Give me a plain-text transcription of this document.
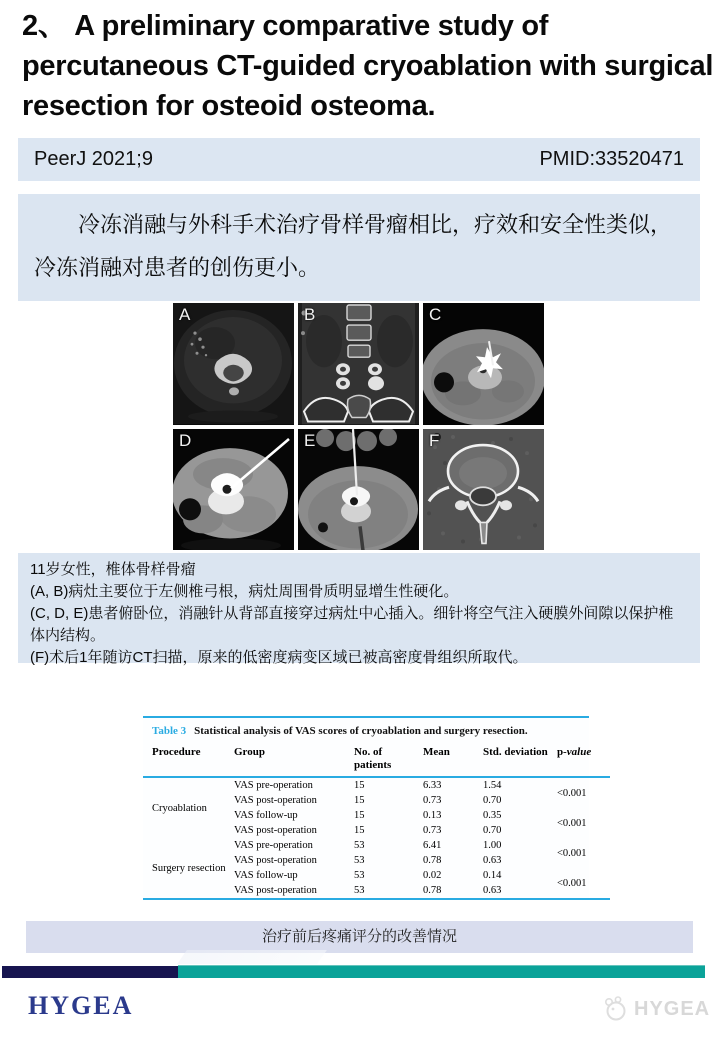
2、 A preliminary comparative study of percutaneous CT-guided cryoablation with surgical resection for osteoid osteoma.
PeerJ 2021;9	PMID:33520471

冷冻消融与外科手术治疗骨样骨瘤相比，疗效和安全性类似，冷冻消融对患者的创伤更小。

A	B	C
D	E	F
11岁女性，椎体骨样骨瘤
(A, B)病灶主要位于左侧椎弓根，病灶周围骨质明显增生性硬化。
(C, D, E)患者俯卧位，消融针从背部直接穿过病灶中心插入。细针将空气注入硬膜外间隙以保护椎体内结构。
(F)术后1年随访CT扫描，原来的低密度病变区域已被高密度骨组织所取代。
Table 3 Statistical analysis of VAS scores of cryoablation and surgery resection.
Procedure	Group	No. of patients	Mean	Std. deviation	p-value
Cryoablation	VAS pre-operation	15	6.33	1.54	<0.001
	VAS post-operation	15	0.73	0.70	
	VAS follow-up	15	0.13	0.35	<0.001
	VAS post-operation	15	0.73	0.70	
Surgery resection	VAS pre-operation	53	6.41	1.00	<0.001
	VAS post-operation	53	0.78	0.63	
	VAS follow-up	53	0.02	0.14	<0.001
	VAS post-operation	53	0.78	0.63	
治疗前后疼痛评分的改善情况
HYGEA	HYGEA
